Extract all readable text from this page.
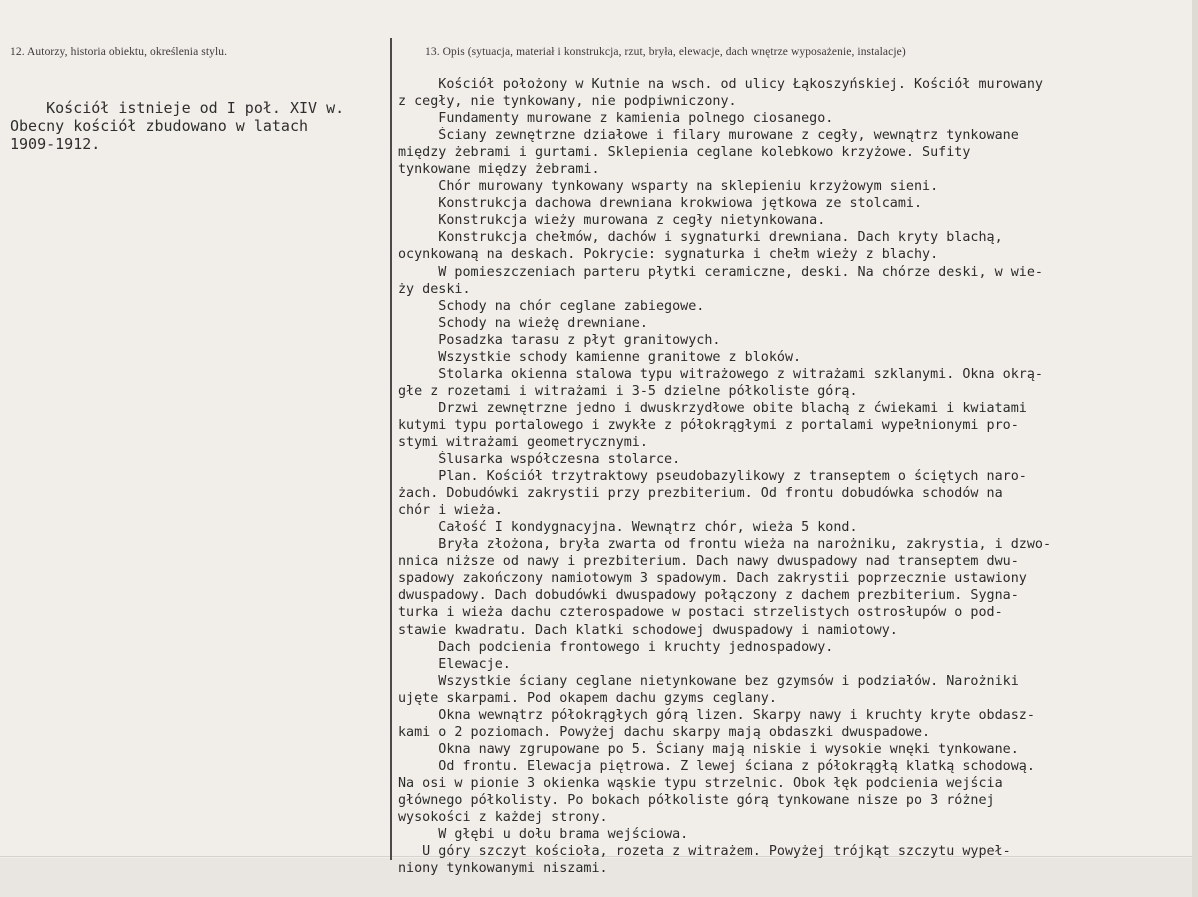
12. Autorzy, historia obiektu, określenia stylu.	13. Opis (sytuacja, materiał i konstrukcja, rzut, bryła, elewacje, dach wnętrze wyposażenie, instalacje)

Kościół istnieje od I poł. XIV w.
Obecny kościół zbudowano w latach
1909-1912.

Kościół położony w Kutnie na wsch. od ulicy Łąkoszyńskiej. Kościół murowany
z cegły, nie tynkowany, nie podpiwniczony.
Fundamenty murowane z kamienia polnego ciosanego.
Ściany zewnętrzne działowe i filary murowane z cegły, wewnątrz tynkowane
między żebrami i gurtami. Sklepienia ceglane kolebkowo krzyżowe. Sufity
tynkowane między żebrami.
Chór murowany tynkowany wsparty na sklepieniu krzyżowym sieni.
Konstrukcja dachowa drewniana krokwiowa jętkowa ze stolcami.
Konstrukcja wieży murowana z cegły nietynkowana.
Konstrukcja chełmów, dachów i sygnaturki drewniana. Dach kryty blachą,
ocynkowaną na deskach. Pokrycie: sygnaturka i chełm wieży z blachy.
W pomieszczeniach parteru płytki ceramiczne, deski. Na chórze deski, w wie-
ży deski.
Schody na chór ceglane zabiegowe.
Schody na wieżę drewniane.
Posadzka tarasu z płyt granitowych.
Wszystkie schody kamienne granitowe z bloków.
Stolarka okienna stalowa typu witrażowego z witrażami szklanymi. Okna okrą-
głe z rozetami i witrażami i 3-5 dzielne półkoliste górą.
Drzwi zewnętrzne jedno i dwuskrzydłowe obite blachą z ćwiekami i kwiatami
kutymi typu portalowego i zwykłe z półokrągłymi z portalami wypełnionymi pro-
stymi witrażami geometrycznymi.
Ślusarka współczesna stolarce.
Plan. Kościół trzytraktowy pseudobazylikowy z transeptem o ściętych naro-
żach. Dobudówki zakrystii przy prezbiterium. Od frontu dobudówka schodów na
chór i wieża.
Całość I kondygnacyjna. Wewnątrz chór, wieża 5 kond.
Bryła złożona, bryła zwarta od frontu wieża na narożniku, zakrystia, i dzwo-
nnica niższe od nawy i prezbiterium. Dach nawy dwuspadowy nad transeptem dwu-
spadowy zakończony namiotowym 3 spadowym. Dach zakrystii poprzecznie ustawiony
dwuspadowy. Dach dobudówki dwuspadowy połączony z dachem prezbiterium. Sygna-
turka i wieża dachu czterospadowe w postaci strzelistych ostrosłupów o pod-
stawie kwadratu. Dach klatki schodowej dwuspadowy i namiotowy.
Dach podcienia frontowego i kruchty jednospadowy.
Elewacje.
Wszystkie ściany ceglane nietynkowane bez gzymsów i podziałów. Narożniki
ujęte skarpami. Pod okapem dachu gzyms ceglany.
Okna wewnątrz półokrągłych górą lizen. Skarpy nawy i kruchty kryte obdasz-
kami o 2 poziomach. Powyżej dachu skarpy mają obdaszki dwuspadowe.
Okna nawy zgrupowane po 5. Ściany mają niskie i wysokie wnęki tynkowane.
Od frontu. Elewacja piętrowa. Z lewej ściana z półokrągłą klatką schodową.
Na osi w pionie 3 okienka wąskie typu strzelnic. Obok łęk podcienia wejścia
głównego półkolisty. Po bokach półkoliste górą tynkowane nisze po 3 różnej
wysokości z każdej strony.
W głębi u dołu brama wejściowa.
U góry szczyt kościoła, rozeta z witrażem. Powyżej trójkąt szczytu wypeł-
niony tynkowanymi niszami.
